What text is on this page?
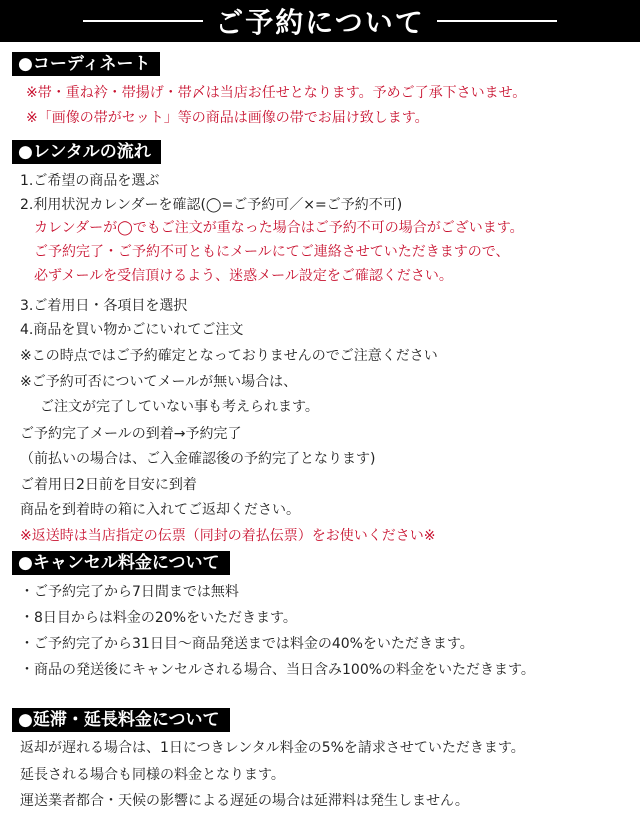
ご予約について
●コーディネート
※帯・重ね衿・帯揚げ・帯〆は当店お任せとなります。予めご了承下さいませ。
※「画像の帯がセット」等の商品は画像の帯でお届け致します。
●レンタルの流れ
1.ご希望の商品を選ぶ
2.利用状況カレンダーを確認(◯=ご予約可／×=ご予約不可)
カレンダーが◯でもご注文が重なった場合はご予約不可の場合がございます。
ご予約完了・ご予約不可ともにメールにてご連絡させていただきますので、
必ずメールを受信頂けるよう、迷惑メール設定をご確認ください。
3.ご着用日・各項目を選択
4.商品を買い物かごにいれてご注文
※この時点ではご予約確定となっておりませんのでご注意ください
※ご予約可否についてメールが無い場合は、
ご注文が完了していない事も考えられます。
ご予約完了メールの到着→予約完了
（前払いの場合は、ご入金確認後の予約完了となります)
ご着用日2日前を目安に到着
商品を到着時の箱に入れてご返却ください。
※返送時は当店指定の伝票（同封の着払伝票）をお使いください※
●キャンセル料金について
・ご予約完了から7日間までは無料
・8日目からは料金の20%をいただきます。
・ご予約完了から31日目～商品発送までは料金の40%をいただきます。
・商品の発送後にキャンセルされる場合、当日含み100%の料金をいただきます。
●延滞・延長料金について
返却が遅れる場合は、1日につきレンタル料金の5%を請求させていただきます。
延長される場合も同様の料金となります。
運送業者都合・天候の影響による遅延の場合は延滞料は発生しません。
